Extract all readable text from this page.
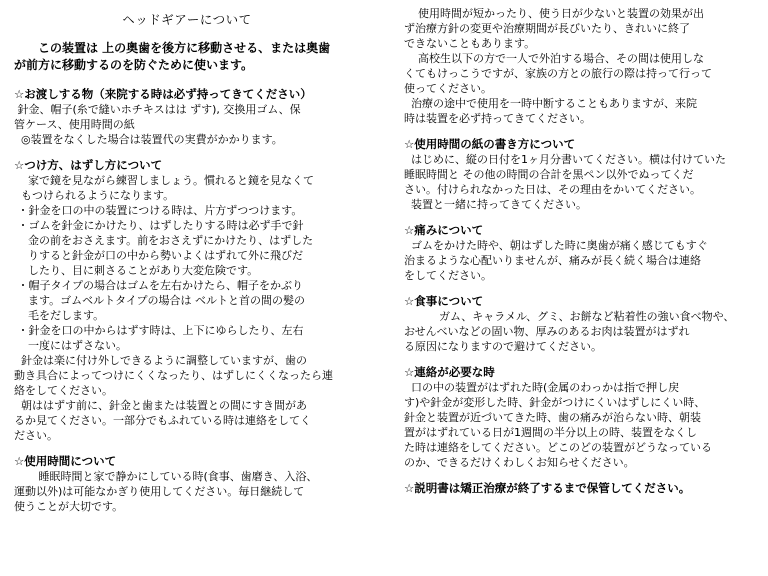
ヘッドギアーについて
この装置は 上の奥歯を後方に移動させる、または奥歯
が前方に移動するのを防ぐために使います。
☆お渡しする物（来院する時は必ず持ってきてください）
針金、帽子(糸で縫いホチキスはは ずす), 交換用ゴム、保
管ケース、使用時間の紙
◎装置をなくした場合は装置代の実費がかかります。
☆つけ方、はずし方について
家で鏡を見ながら練習しましょう。慣れると鏡を見なくて
もつけられるようになります。
・針金を口の中の装置につける時は、片方ずつつけます。
・ゴムを針金にかけたり、はずしたりする時は必ず手で針
金の前をおさえます。前をおさえずにかけたり、はずした
りすると針金が口の中から勢いよくはずれて外に飛びだ
したり、目に刺さることがあり大変危険です。
・帽子タイプの場合はゴムを左右かけたら、帽子をかぶり
ます。ゴムベルトタイプの場合は ベルトと首の間の髪の
毛をだします。
・針金を口の中からはずす時は、上下にゆらしたり、左右
一度にはずさない。
針金は楽に付け外しできるように調整していますが、歯の
動き具合によってつけにくくなったり、はずしにくくなったら連
絡をしてください。
朝ははずす前に、針金と歯または装置との間にすき間があ
るか見てください。一部分でもふれている時は連絡をしてく
ださい。
☆使用時間について
睡眠時間と家で静かにしている時(食事、歯磨き、入浴、
運動以外)は可能なかぎり使用してください。毎日継続して
使うことが大切です。
使用時間が短かったり、使う日が少ないと装置の効果が出
ず治療方針の変更や治療期間が長びいたり、きれいに終了
できないこともあります。
高校生以下の方で一人で外泊する場合、その間は使用しな
くてもけっこうですが、家族の方との旅行の際は持って行って
使ってください。
治療の途中で使用を一時中断することもありますが、来院
時は装置を必ず持ってきてください。
☆使用時間の紙の書き方について
はじめに、縦の日付を1ヶ月分書いてください。横は付けていた
睡眠時間と その他の時間の合計を黒ペン以外でぬってくだ
さい。付けられなかった日は、その理由をかいてください。
装置と一緒に持ってきてください。
☆痛みについて
ゴムをかけた時や、朝はずした時に奥歯が痛く感じてもすぐ
治まるような心配いりませんが、痛みが長く続く場合は連絡
をしてください。
☆食事について
ガム、キャラメル、グミ、お餅など粘着性の強い食べ物や、
おせんべいなどの固い物、厚みのあるお肉は装置がはずれ
る原因になりますので避けてください。
☆連絡が必要な時
口の中の装置がはずれた時(金属のわっかは指で押し戻
す)や針金が変形した時、針金がつけにくいはずしにくい時、
針金と装置が近づいてきた時、歯の痛みが治らない時、朝装
置がはずれている日が1週間の半分以上の時、装置をなくし
た時は連絡をしてください。どこのどの装置がどうなっている
のか、できるだけくわしくお知らせください。
☆説明書は矯正治療が終了するまで保管してください。
